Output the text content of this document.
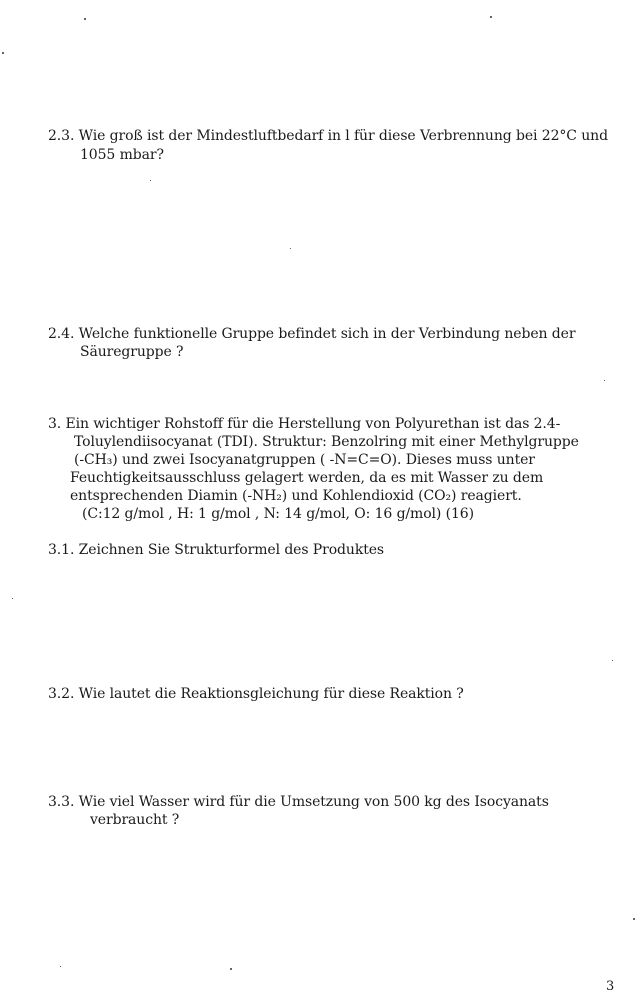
2.3. Wie groß ist der Mindestluftbedarf in l für diese Verbrennung bei 22°C und
1055 mbar?
2.4. Welche funktionelle Gruppe befindet sich in der Verbindung neben der
Säuregruppe ?
3. Ein wichtiger Rohstoff für die Herstellung von Polyurethan ist das 2.4-
Toluylendiisocyanat (TDI). Struktur: Benzolring mit einer Methylgruppe
(-CH₃) und zwei Isocyanatgruppen ( -N=C=O). Dieses muss unter
Feuchtigkeitsausschluss gelagert werden, da es mit Wasser zu dem
entsprechenden Diamin (-NH₂) und Kohlendioxid (CO₂) reagiert.
(C:12 g/mol , H: 1 g/mol , N: 14 g/mol, O: 16 g/mol) (16)
3.1. Zeichnen Sie Strukturformel des Produktes
3.2. Wie lautet die Reaktionsgleichung für diese Reaktion ?
3.3. Wie viel Wasser wird für die Umsetzung von 500 kg des Isocyanats
verbraucht ?
3
